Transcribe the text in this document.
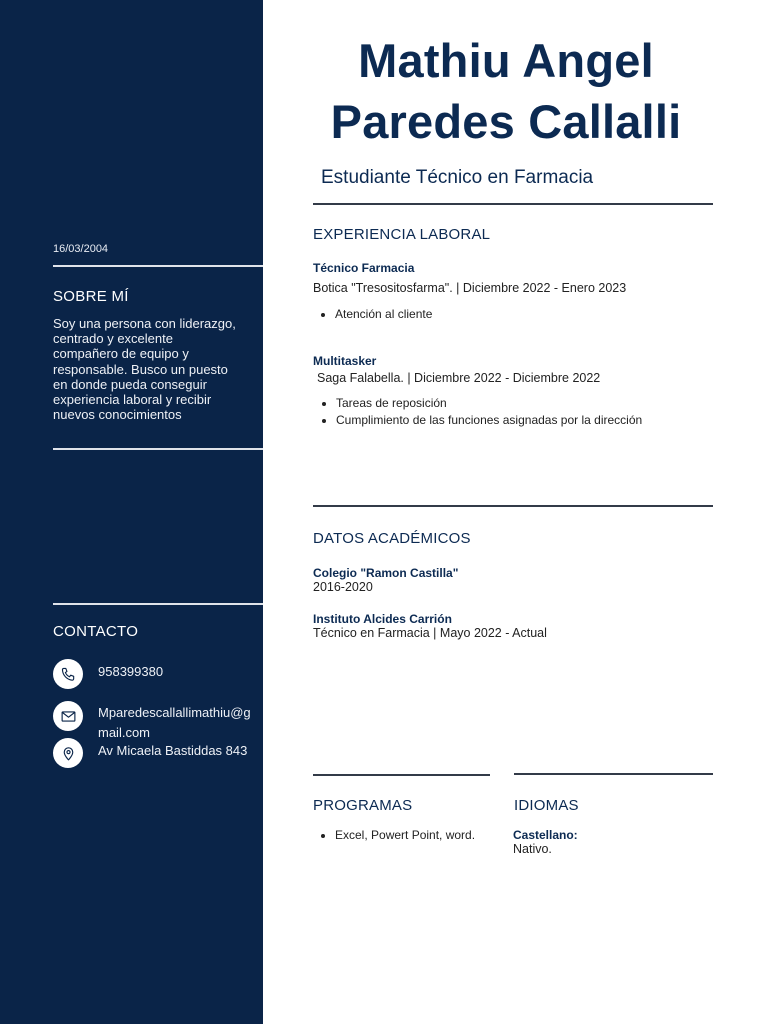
16/03/2004
SOBRE MÍ
Soy una persona con liderazgo, centrado y excelente compañero de equipo y responsable. Busco un puesto en donde pueda conseguir experiencia laboral y recibir nuevos conocimientos
CONTACTO
958399380
Mparedescallallimathiu@gmail.com
Av Micaela Bastiddas 843
Mathiu Angel
Paredes Callalli
Estudiante Técnico en Farmacia
EXPERIENCIA LABORAL
Técnico Farmacia
Botica "Tresositosfarma". | Diciembre 2022 - Enero 2023
• Atención al cliente
Multitasker
Saga Falabella. | Diciembre 2022 - Diciembre 2022
• Tareas de reposición
• Cumplimiento de las funciones asignadas por la dirección
DATOS ACADÉMICOS
Colegio "Ramon Castilla"
2016-2020
Instituto Alcides Carrión
Técnico en Farmacia | Mayo 2022 - Actual
PROGRAMAS
• Excel, Powert Point, word.
IDIOMAS
Castellano:
Nativo.
